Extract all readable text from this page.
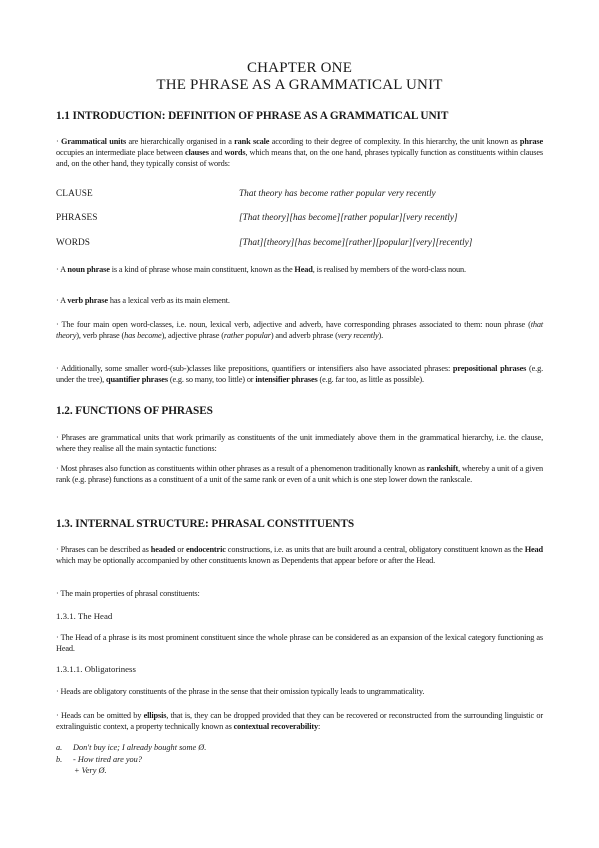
CHAPTER ONE
THE PHRASE AS A GRAMMATICAL UNIT
1.1 INTRODUCTION: DEFINITION OF PHRASE AS A GRAMMATICAL UNIT

· Grammatical units are hierarchically organised in a rank scale according to their degree of complexity. In this hierarchy, the unit known as phrase occupies an intermediate place between clauses and words, which means that, on the one hand, phrases typically function as constituents within clauses and, on the other hand, they typically consist of words:

CLAUSE	That theory has become rather popular very recently
PHRASES	[That theory][has become][rather popular][very recently]
WORDS	[That][theory][has become][rather][popular][very][recently]

· A noun phrase is a kind of phrase whose main constituent, known as the Head, is realised by members of the word-class noun.

· A verb phrase has a lexical verb as its main element.

· The four main open word-classes, i.e. noun, lexical verb, adjective and adverb, have corresponding phrases associated to them: noun phrase (that theory), verb phrase (has become), adjective phrase (rather popular) and adverb phrase (very recently).

· Additionally, some smaller word-(sub-)classes like prepositions, quantifiers or intensifiers also have associated phrases: prepositional phrases (e.g. under the tree), quantifier phrases (e.g. so many, too little) or intensifier phrases (e.g. far too, as little as possible).

1.2. FUNCTIONS OF PHRASES

· Phrases are grammatical units that work primarily as constituents of the unit immediately above them in the grammatical hierarchy, i.e. the clause, where they realise all the main syntactic functions:

· Most phrases also function as constituents within other phrases as a result of a phenomenon traditionally known as rankshift, whereby a unit of a given rank (e.g. phrase) functions as a constituent of a unit of the same rank or even of a unit which is one step lower down the rankscale.

1.3. INTERNAL STRUCTURE: PHRASAL CONSTITUENTS

· Phrases can be described as headed or endocentric constructions, i.e. as units that are built around a central, obligatory constituent known as the Head which may be optionally accompanied by other constituents known as Dependents that appear before or after the Head.

· The main properties of phrasal constituents:

1.3.1. The Head

· The Head of a phrase is its most prominent constituent since the whole phrase can be considered as an expansion of the lexical category functioning as Head.

1.3.1.1. Obligatoriness

· Heads are obligatory constituents of the phrase in the sense that their omission typically leads to ungrammaticality.

· Heads can be omitted by ellipsis, that is, they can be dropped provided that they can be recovered or reconstructed from the surrounding linguistic or extralinguistic context, a property technically known as contextual recoverability:

a. Don't buy ice; I already bought some Ø.
b. - How tired are you?
+ Very Ø.
